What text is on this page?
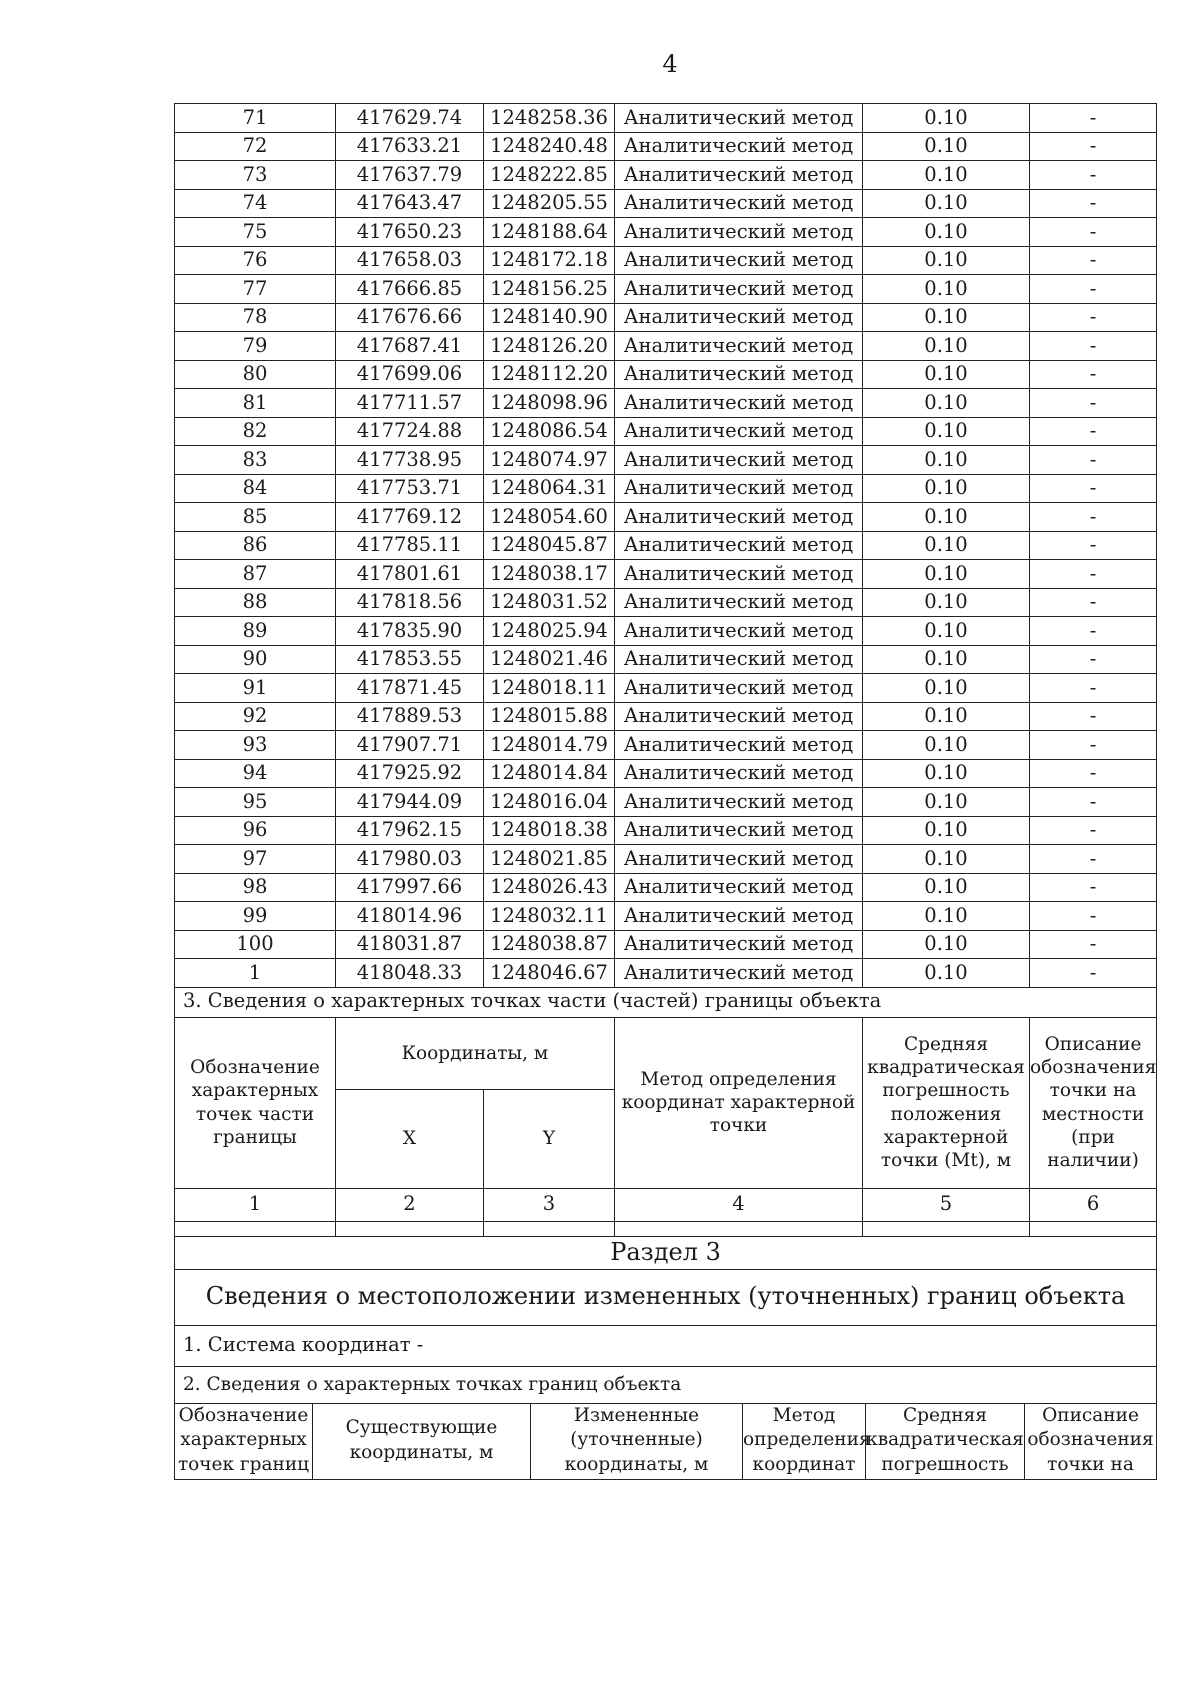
4
71	417629.74	1248258.36	Аналитический метод	0.10	-
72	417633.21	1248240.48	Аналитический метод	0.10	-
73	417637.79	1248222.85	Аналитический метод	0.10	-
74	417643.47	1248205.55	Аналитический метод	0.10	-
75	417650.23	1248188.64	Аналитический метод	0.10	-
76	417658.03	1248172.18	Аналитический метод	0.10	-
77	417666.85	1248156.25	Аналитический метод	0.10	-
78	417676.66	1248140.90	Аналитический метод	0.10	-
79	417687.41	1248126.20	Аналитический метод	0.10	-
80	417699.06	1248112.20	Аналитический метод	0.10	-
81	417711.57	1248098.96	Аналитический метод	0.10	-
82	417724.88	1248086.54	Аналитический метод	0.10	-
83	417738.95	1248074.97	Аналитический метод	0.10	-
84	417753.71	1248064.31	Аналитический метод	0.10	-
85	417769.12	1248054.60	Аналитический метод	0.10	-
86	417785.11	1248045.87	Аналитический метод	0.10	-
87	417801.61	1248038.17	Аналитический метод	0.10	-
88	417818.56	1248031.52	Аналитический метод	0.10	-
89	417835.90	1248025.94	Аналитический метод	0.10	-
90	417853.55	1248021.46	Аналитический метод	0.10	-
91	417871.45	1248018.11	Аналитический метод	0.10	-
92	417889.53	1248015.88	Аналитический метод	0.10	-
93	417907.71	1248014.79	Аналитический метод	0.10	-
94	417925.92	1248014.84	Аналитический метод	0.10	-
95	417944.09	1248016.04	Аналитический метод	0.10	-
96	417962.15	1248018.38	Аналитический метод	0.10	-
97	417980.03	1248021.85	Аналитический метод	0.10	-
98	417997.66	1248026.43	Аналитический метод	0.10	-
99	418014.96	1248032.11	Аналитический метод	0.10	-
100	418031.87	1248038.87	Аналитический метод	0.10	-
1	418048.33	1248046.67	Аналитический метод	0.10	-
3. Сведения о характерных точках части (частей) границы объекта					
Обозначение характерных точек части границы	Координаты, м		Метод определения координат характерной точки	Средняя квадратическая погрешность положения характерной точки (Mt), м	Описание обозначения точки на местности (при наличии)
	X	Y			
1	2	3	4	5	6

Раздел 3					
Сведения о местоположении измененных (уточненных) границ объекта					
1. Система координат -					
2. Сведения о характерных точках границ объекта					
Обозначение характерных точек границ	Существующие координаты, м	Измененные (уточненные) координаты, м	Метод определения координат	Средняя квадратическая погрешность	Описание обозначения точки на
